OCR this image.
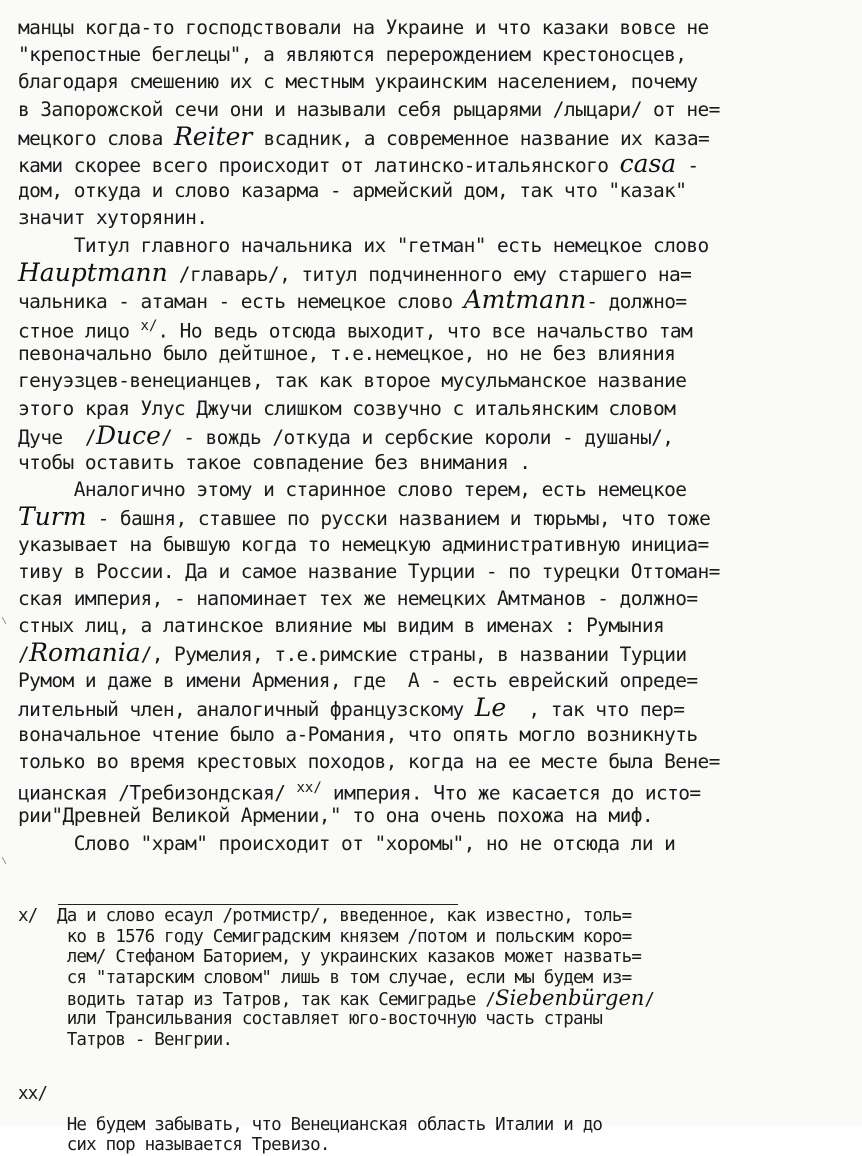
манцы когда-то господствовали на Украине и что казаки вовсе не
"крепостные беглецы", а являются перерождением крестоносцев,
благодаря смешению их с местным украинским населением, почему
в Запорожской сечи они и называли себя рыцарями /лыцари/ от не=
мецкого слова Reiter всадник, а современное название их каза=
ками скорее всего происходит от латинско-итальянского casa -
дом, откуда и слово казарма - армейский дом, так что "казак"
значит хуторянин.
Титул главного начальника их "гетман" есть немецкое слово
Hauptmann /главарь/, титул подчиненного ему старшего на=
чальника - атаман - есть немецкое слово Amtmann- должно=
стное лицо $^{х/}$. Но ведь отсюда выходит, что все начальство там
певоначально было дейтшное, т.е.немецкое, но не без влияния
генуэзцев-венецианцев, так как второе мусульманское название
этого края Улус Джучи слишком созвучно с итальянским словом
Дуче  /Duce/ - вождь /откуда и сербские короли - душаны/,
чтобы оставить такое совпадение без внимания .
Аналогично этому и старинное слово терем, есть немецкое
Turm - башня, ставшее по русски названием и тюрьмы, что тоже
указывает на бывшую когда то немецкую административную инициа=
тиву в России. Да и самое название Турции - по турецки Оттоман=
ская империя, - напоминает тех же немецких Амтманов - должно=
стных лиц, а латинское влияние мы видим в именах : Румыния
/Romania/, Румелия, т.е.римские страны, в названии Турции
Румом и даже в имени Армения, где  А - есть еврейский опреде=
лительный член, аналогичный французскому Le  , так что пер=
воначальное чтение было а-Романия, что опять могло возникнуть
только во время крестовых походов, когда на ее месте была Вене=
цианская /Требизондская/ $^{хх/}$ империя. Что же касается до исто=
рии"Древней Великой Армении," то она очень похожа на миф.
Слово "храм" происходит от "хоромы", но не отсюда ли и
х/ Да и слово есаул /ротмистр/, введенное, как известно, толь=
ко в 1576 году Семиградским князем /потом и польским коро=
лем/ Стефаном Баторием, у украинских казаков может назвать=
ся "татарским словом" лишь в том случае, если мы будем из=
водить татар из Татров, так как Семиградье /Siebenbürgen/
или Трансильвания составляет юго-восточную часть страны
Татров - Венгрии.
хх/
Не будем забывать, что Венецианская область Италии и до
сих пор называется Тревизо.
